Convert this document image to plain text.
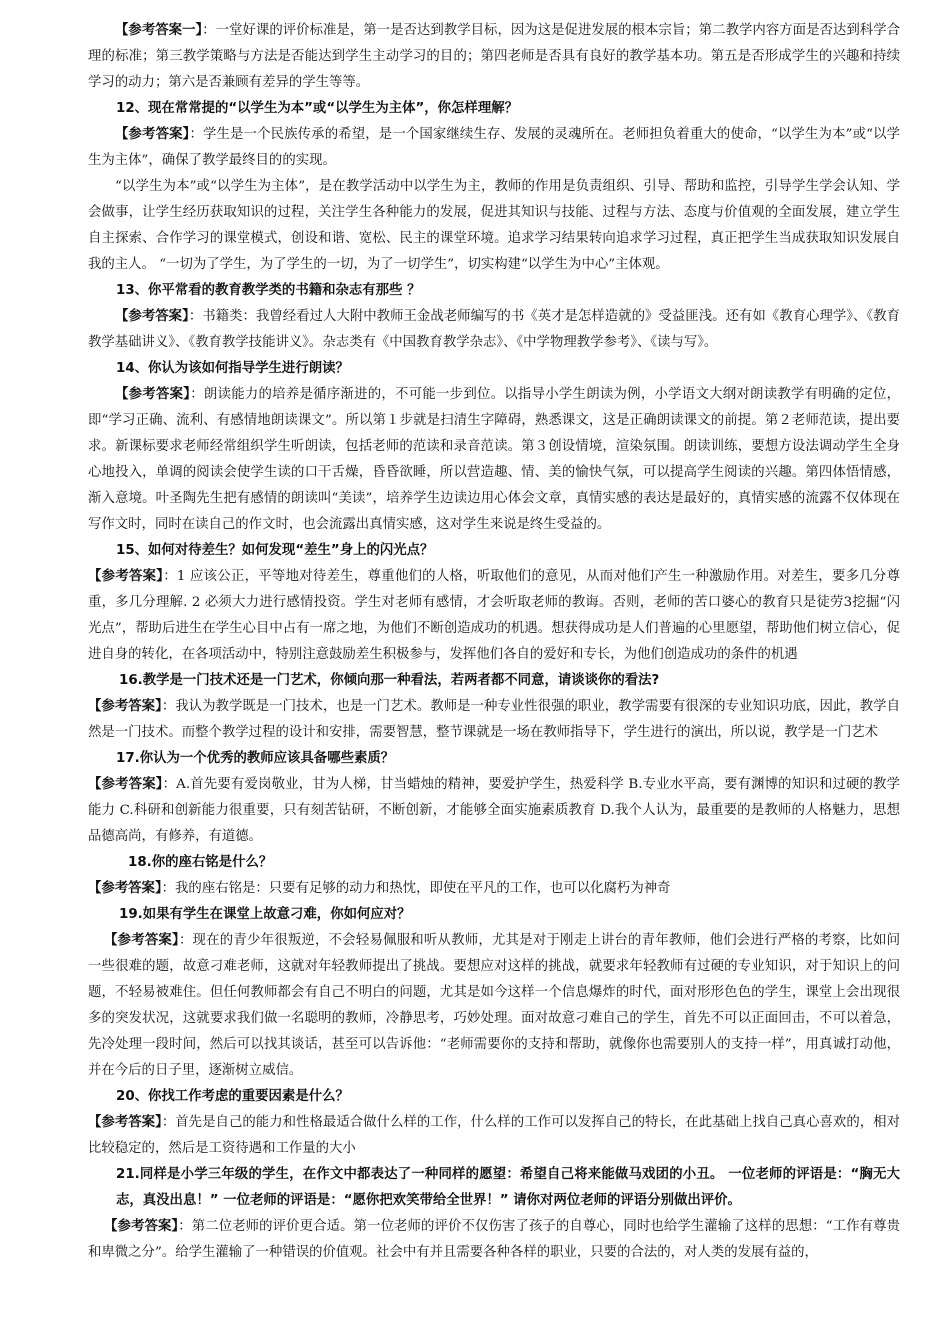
【参考答案一】：一堂好课的评价标准是，第一是否达到教学目标，因为这是促进发展的根本宗旨；第二教学内容方面是否达到科学合理的标准；第三教学策略与方法是否能达到学生主动学习的目的；第四老师是否具有良好的教学基本功。第五是否形成学生的兴趣和持续学习的动力；第六是否兼顾有差异的学生等等。

12、现在常常提的“以学生为本”或“以学生为主体”，你怎样理解？

【参考答案】：学生是一个民族传承的希望，是一个国家继续生存、发展的灵魂所在。老师担负着重大的使命，“以学生为本”或“以学生为主体”，确保了教学最终目的的实现。

“以学生为本”或“以学生为主体”，是在教学活动中以学生为主，教师的作用是负责组织、引导、帮助和监控，引导学生学会认知、学会做事，让学生经历获取知识的过程，关注学生各种能力的发展，促进其知识与技能、过程与方法、态度与价值观的全面发展，建立学生自主探索、合作学习的课堂模式，创设和谐、宽松、民主的课堂环境。追求学习结果转向追求学习过程，真正把学生当成获取知识发展自我的主人。 “一切为了学生，为了学生的一切，为了一切学生”，切实构建“以学生为中心”主体观。

13、你平常看的教育教学类的书籍和杂志有那些 ？

【参考答案】：书籍类：我曾经看过人大附中教师王金战老师编写的书《英才是怎样造就的》受益匪浅。还有如《教育心理学》、《教育教学基础讲义》、《教育教学技能讲义》。杂志类有《中国教育教学杂志》、《中学物理教学参考》、《读与写》。

14、你认为该如何指导学生进行朗读？

【参考答案】：朗读能力的培养是循序渐进的，不可能一步到位。以指导小学生朗读为例，小学语文大纲对朗读教学有明确的定位，即“学习正确、流利、有感情地朗读课文”。所以第１步就是扫清生字障碍，熟悉课文，这是正确朗读课文的前提。第２老师范读，提出要求。新课标要求老师经常组织学生听朗读，包括老师的范读和录音范读。第３创设情境，渲染氛围。朗读训练，要想方设法调动学生全身心地投入，单调的阅读会使学生读的口干舌燥，昏昏欲睡，所以营造趣、情、美的愉快气氛，可以提高学生阅读的兴趣。第四体悟情感，渐入意境。叶圣陶先生把有感情的朗读叫“美读”，培养学生边读边用心体会文章，真情实感的表达是最好的，真情实感的流露不仅体现在写作文时，同时在读自己的作文时，也会流露出真情实感，这对学生来说是终生受益的。

15、如何对待差生？如何发现“差生”身上的闪光点？

【参考答案】：1 应该公正，平等地对待差生，尊重他们的人格，听取他们的意见，从而对他们产生一种激励作用。对差生，要多几分尊重，多几分理解. 2 必须大力进行感情投资。学生对老师有感情，才会听取老师的教诲。否则，老师的苦口婆心的教育只是徒劳3挖掘“闪光点”，帮助后进生在学生心目中占有一席之地，为他们不断创造成功的机遇。想获得成功是人们普遍的心里愿望，帮助他们树立信心，促进自身的转化，在各项活动中，特别注意鼓励差生积极参与，发挥他们各自的爱好和专长，为他们创造成功的条件的机遇

16.教学是一门技术还是一门艺术，你倾向那一种看法，若两者都不同意，请谈谈你的看法?

【参考答案】：我认为教学既是一门技术，也是一门艺术。教师是一种专业性很强的职业，教学需要有很深的专业知识功底，因此，教学自然是一门技术。而整个教学过程的设计和安排，需要智慧，整节课就是一场在教师指导下，学生进行的演出，所以说，教学是一门艺术

17.你认为一个优秀的教师应该具备哪些素质？

【参考答案】：A.首先要有爱岗敬业，甘为人梯，甘当蜡烛的精神，要爱护学生，热爱科学 B.专业水平高，要有渊博的知识和过硬的教学能力 C.科研和创新能力很重要，只有刻苦钻研，不断创新，才能够全面实施素质教育 D.我个人认为，最重要的是教师的人格魅力，思想品德高尚，有修养，有道德。

18.你的座右铭是什么？

【参考答案】：我的座右铭是：只要有足够的动力和热忱，即使在平凡的工作，也可以化腐朽为神奇

19.如果有学生在课堂上故意刁难，你如何应对？

【参考答案】：现在的青少年很叛逆，不会轻易佩服和听从教师，尤其是对于刚走上讲台的青年教师，他们会进行严格的考察，比如问一些很难的题，故意刁难老师，这就对年轻教师提出了挑战。要想应对这样的挑战，就要求年轻教师有过硬的专业知识，对于知识上的问题，不轻易被难住。但任何教师都会有自己不明白的问题，尤其是如今这样一个信息爆炸的时代，面对形形色色的学生，课堂上会出现很多的突发状况，这就要求我们做一名聪明的教师，冷静思考，巧妙处理。面对故意刁难自己的学生，首先不可以正面回击，不可以着急，先冷处理一段时间，然后可以找其谈话，甚至可以告诉他：“老师需要你的支持和帮助，就像你也需要别人的支持一样”，用真诚打动他，并在今后的日子里，逐渐树立威信。

20、你找工作考虑的重要因素是什么？

【参考答案】：首先是自己的能力和性格最适合做什么样的工作，什么样的工作可以发挥自己的特长，在此基础上找自己真心喜欢的，相对比较稳定的，然后是工资待遇和工作量的大小

21.同样是小学三年级的学生，在作文中都表达了一种同样的愿望：希望自己将来能做马戏团的小丑。 一位老师的评语是：“胸无大志，真没出息！” 一位老师的评语是：“愿你把欢笑带给全世界！” 请你对两位老师的评语分别做出评价。

【参考答案】：第二位老师的评价更合适。第一位老师的评价不仅伤害了孩子的自尊心，同时也给学生灌输了这样的思想：“工作有尊贵和卑微之分”。给学生灌输了一种错误的价值观。社会中有并且需要各种各样的职业，只要的合法的，对人类的发展有益的，
